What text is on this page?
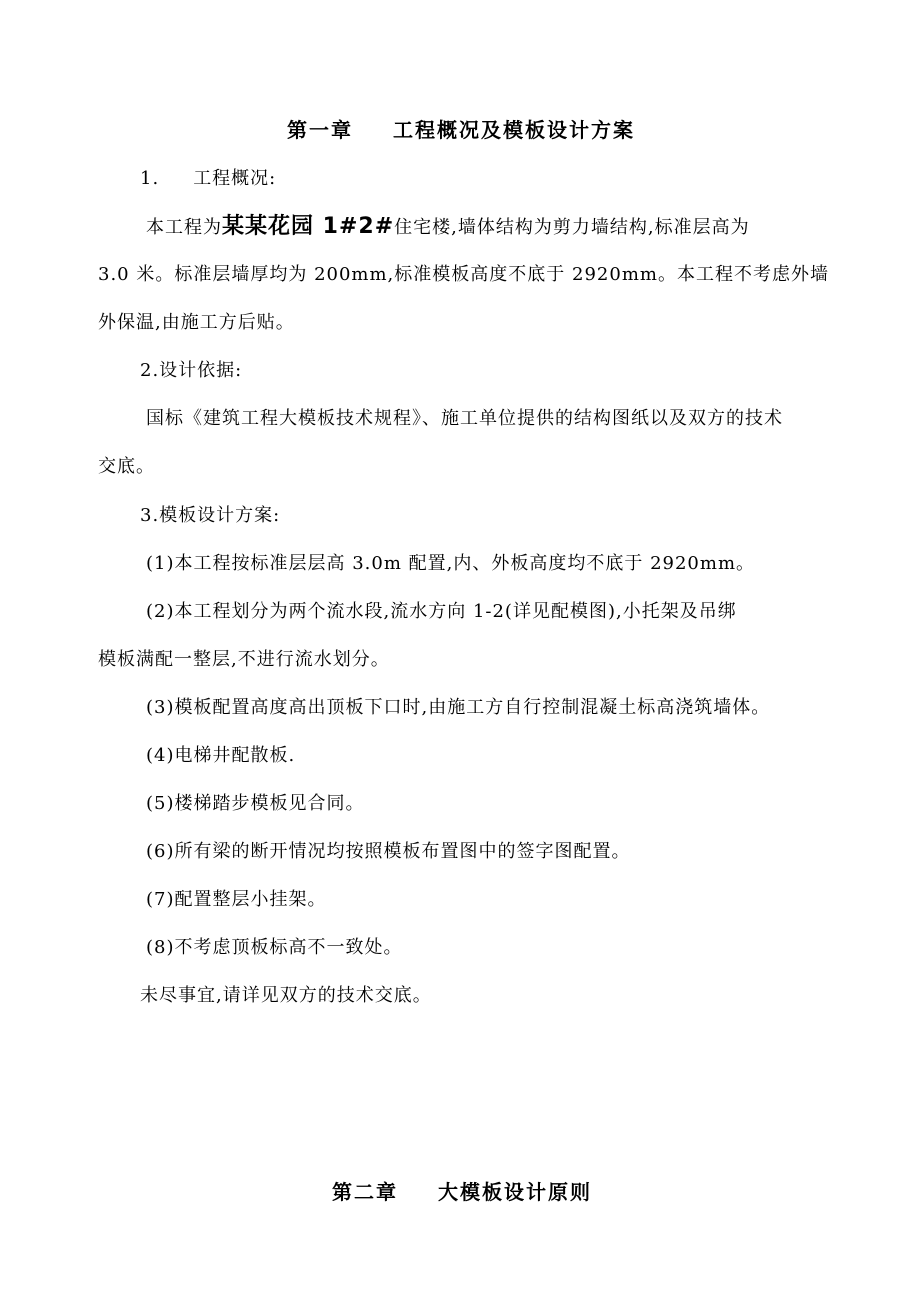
第一章 工程概况及模板设计方案
1. 工程概况:
本工程为某某花园 1#2#住宅楼,墙体结构为剪力墙结构,标准层高为
3.0 米。标准层墙厚均为 200mm,标准模板高度不底于 2920mm。本工程不考虑外墙
外保温,由施工方后贴。
2.设计依据:
国标《建筑工程大模板技术规程》、施工单位提供的结构图纸以及双方的技术
交底。
3.模板设计方案:
(1)本工程按标准层层高 3.0m 配置,内、外板高度均不底于 2920mm。
(2)本工程划分为两个流水段,流水方向 1-2(详见配模图),小托架及吊绑
模板满配一整层,不进行流水划分。
(3)模板配置高度高出顶板下口时,由施工方自行控制混凝土标高浇筑墙体。
(4)电梯井配散板.
(5)楼梯踏步模板见合同。
(6)所有梁的断开情况均按照模板布置图中的签字图配置。
(7)配置整层小挂架。
(8)不考虑顶板标高不一致处。
未尽事宜,请详见双方的技术交底。
第二章 大模板设计原则
